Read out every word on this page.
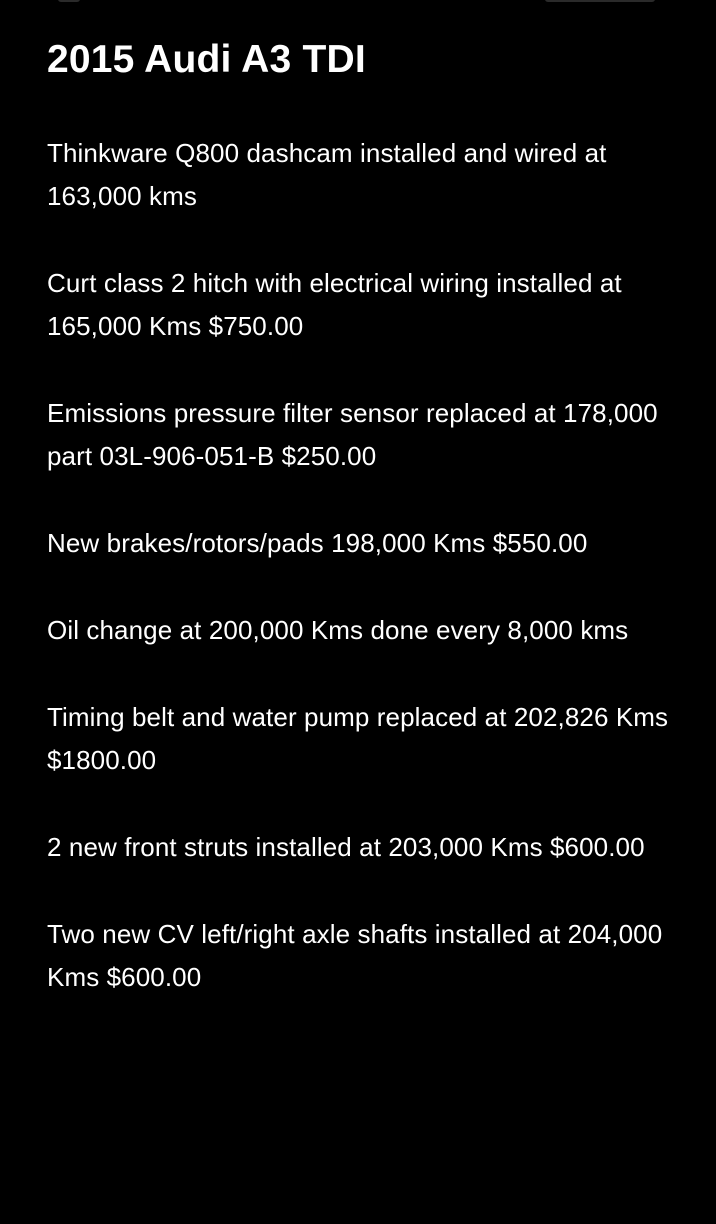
2015 Audi A3 TDI
Thinkware Q800 dashcam installed and wired at 163,000 kms
Curt class 2 hitch with electrical wiring installed at 165,000 Kms $750.00
Emissions pressure filter sensor replaced at 178,000 part 03L-906-051-B $250.00
New brakes/rotors/pads 198,000 Kms $550.00
Oil change at 200,000 Kms done every 8,000 kms
Timing belt and water pump replaced at 202,826 Kms $1800.00
2 new front struts installed at 203,000 Kms $600.00
Two new CV left/right axle shafts installed at 204,000 Kms $600.00
